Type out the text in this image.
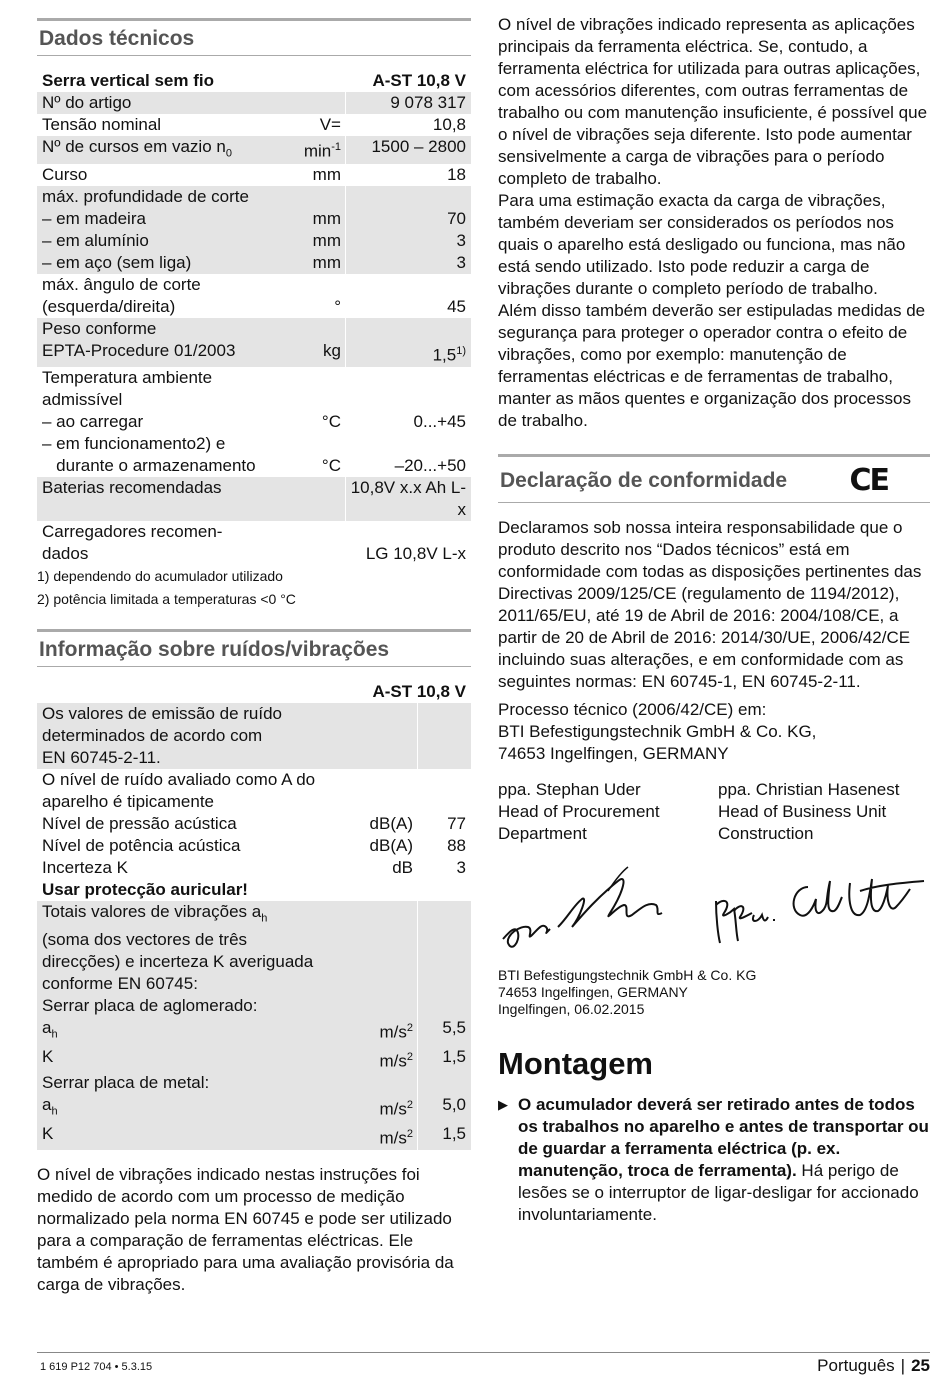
Dados técnicos
Serra vertical sem fio	A-ST 10,8 V
Nº do artigo	9 078 317
Tensão nominal	V=	10,8
Nº de cursos em vazio $n_0$	$\min^{-1}$	1500 – 2800
Curso	mm	18
máx. profundidade de corte
– em madeira	mm	70
– em alumínio	mm	3
– em aço (sem liga)	mm	3
máx. ângulo de corte
(esquerda/direita)	°	45
Peso conforme
EPTA-Procedure 01/2003	kg	1,5$^{1)}$
Temperatura ambiente
admissível
– ao carregar	°C	0...+45
– em funcionamento2) e
durante o armazenamento	°C	–20...+50
Baterias recomendadas	10,8V x.x Ah L-x
Carregadores recomen-
dados	LG 10,8V L-x
1) dependendo do acumulador utilizado
2) potência limitada a temperaturas <0 °C
Informação sobre ruídos/vibrações
A-ST 10,8 V
Os valores de emissão de ruído
determinados de acordo com
EN 60745-2-11.
O nível de ruído avaliado como A do
aparelho é tipicamente
Nível de pressão acústica	dB(A)	77
Nível de potência acústica	dB(A)	88
Incerteza K	dB	3
Usar protecção auricular!
Totais valores de vibrações $a_h$
(soma dos vectores de três
direcções) e incerteza K averiguada
conforme EN 60745:
Serrar placa de aglomerado:
$a_h$	$m/s^2$	5,5
K	$m/s^2$	1,5
Serrar placa de metal:
$a_h$	$m/s^2$	5,0
K	$m/s^2$	1,5
O nível de vibrações indicado nestas instruções foi medido de acordo com um processo de medição normalizado pela norma EN 60745 e pode ser utilizado para a comparação de ferramentas eléctricas. Ele também é apropriado para uma avaliação provisória da carga de vibrações.
O nível de vibrações indicado representa as aplicações principais da ferramenta eléctrica. Se, contudo, a ferramenta eléctrica for utilizada para outras aplicações, com acessórios diferentes, com outras ferramentas de trabalho ou com manutenção insuficiente, é possível que o nível de vibrações seja diferente. Isto pode aumentar sensivelmente a carga de vibrações para o período completo de trabalho.
Para uma estimação exacta da carga de vibrações, também deveriam ser considerados os períodos nos quais o aparelho está desligado ou funciona, mas não está sendo utilizado. Isto pode reduzir a carga de vibrações durante o completo período de trabalho.
Além disso também deverão ser estipuladas medidas de segurança para proteger o operador contra o efeito de vibrações, como por exemplo: manutenção de ferramentas eléctricas e de ferramentas de trabalho, manter as mãos quentes e organização dos processos de trabalho.
Declaração de conformidade CE
Declaramos sob nossa inteira responsabilidade que o produto descrito nos “Dados técnicos” está em conformidade com todas as disposições pertinentes das Directivas 2009/125/CE (regulamento de 1194/2012), 2011/65/EU, até 19 de Abril de 2016: 2004/108/CE, a partir de 20 de Abril de 2016: 2014/30/UE, 2006/42/CE incluindo suas alterações, e em conformidade com as seguintes normas: EN 60745-1, EN 60745-2-11.
Processo técnico (2006/42/CE) em:
BTI Befestigungstechnik GmbH & Co. KG,
74653 Ingelfingen, GERMANY
ppa. Stephan Uder
Head of Procurement
Department
ppa. Christian Hasenest
Head of Business Unit
Construction
BTI Befestigungstechnik GmbH & Co. KG
74653 Ingelfingen, GERMANY
Ingelfingen, 06.02.2015
Montagem
▶ O acumulador deverá ser retirado antes de todos os trabalhos no aparelho e antes de transportar ou de guardar a ferramenta eléctrica (p. ex. manutenção, troca de ferramenta). Há perigo de lesões se o interruptor de ligar-desligar for accionado involuntariamente.
1 619 P12 704 • 5.3.15	Português | 25
